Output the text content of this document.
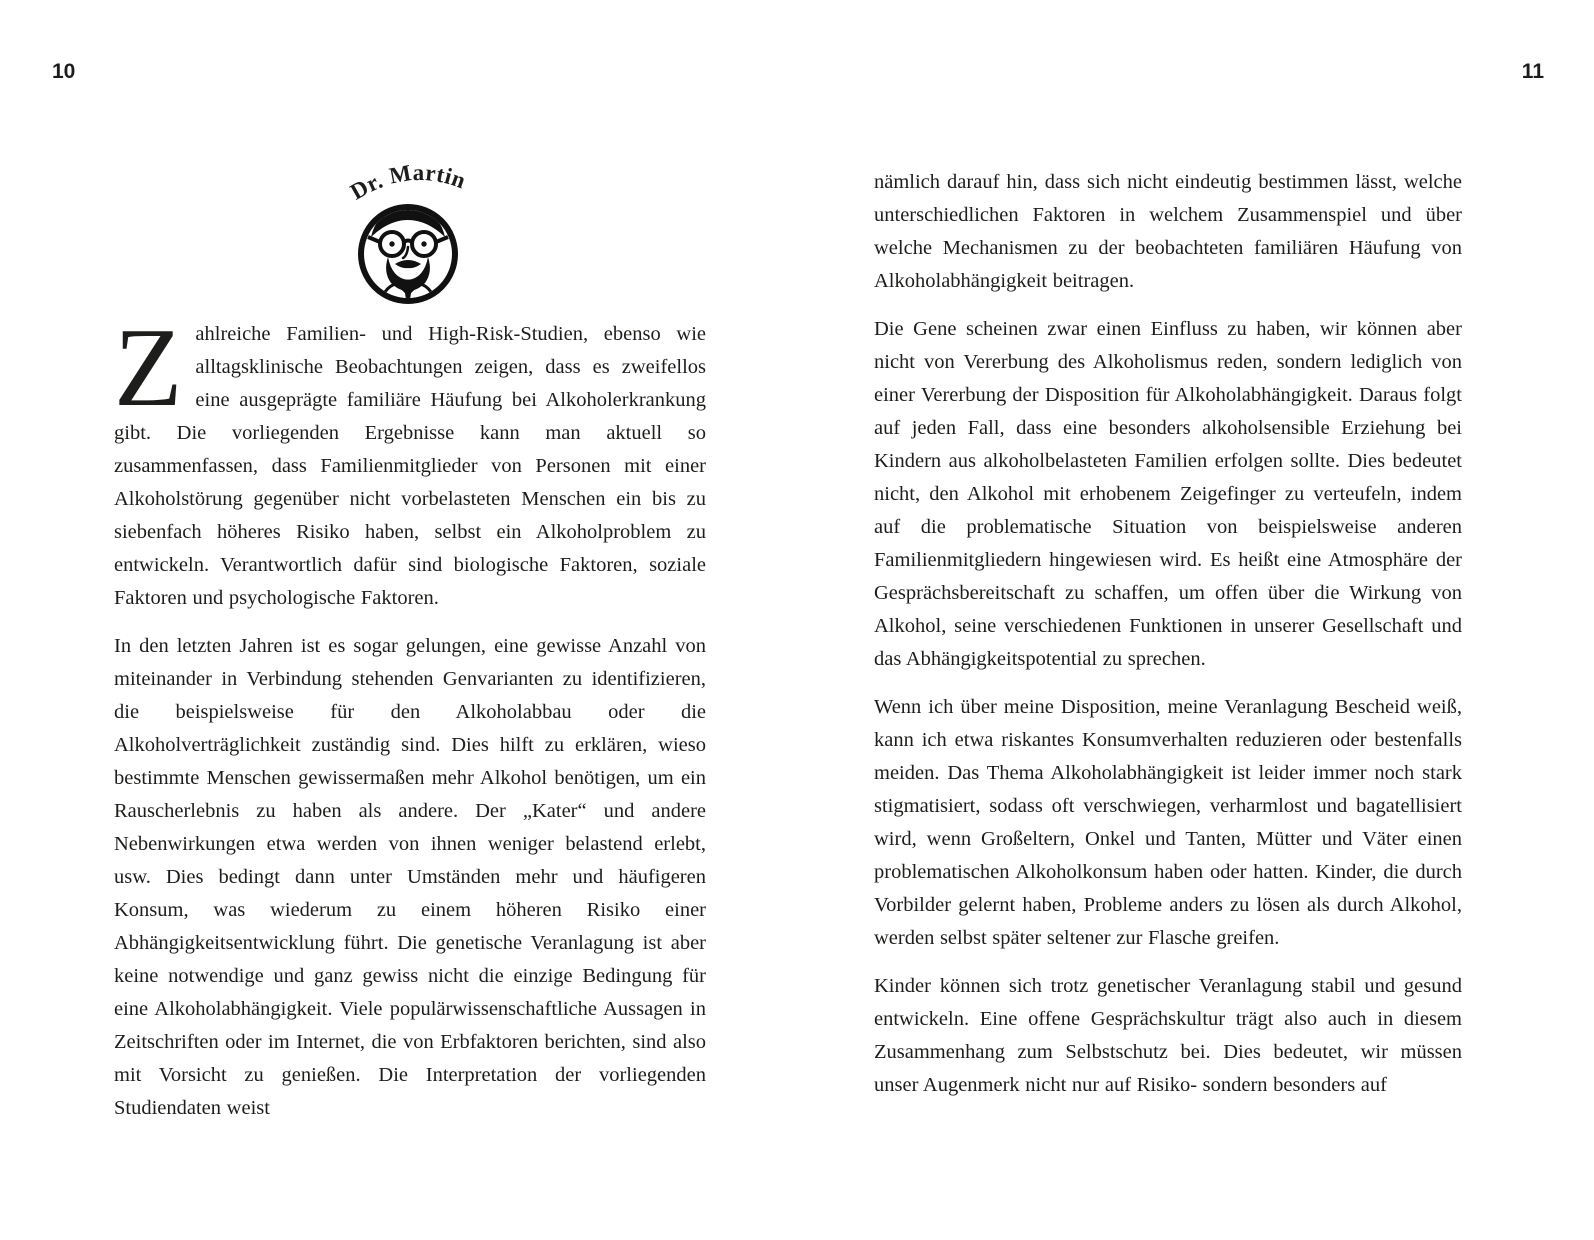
10	11
Dr. Martin

Zahlreiche Familien- und High-Risk-Studien, ebenso wie alltagsklinische Beobachtungen zeigen, dass es zweifellos eine ausgeprägte familiäre Häufung bei Alkoholerkrankung gibt. Die vorliegenden Ergebnisse kann man aktuell so zusammenfassen, dass Familienmitglieder von Personen mit einer Alkoholstörung gegenüber nicht vorbelasteten Menschen ein bis zu siebenfach höheres Risiko haben, selbst ein Alkoholproblem zu entwickeln. Verantwortlich dafür sind biologische Faktoren, soziale Faktoren und psychologische Faktoren.

In den letzten Jahren ist es sogar gelungen, eine gewisse Anzahl von miteinander in Verbindung stehenden Genvarianten zu identifizieren, die beispielsweise für den Alkoholabbau oder die Alkoholverträglichkeit zuständig sind. Dies hilft zu erklären, wieso bestimmte Menschen gewissermaßen mehr Alkohol benötigen, um ein Rauscherlebnis zu haben als andere. Der „Kater“ und andere Nebenwirkungen etwa werden von ihnen weniger belastend erlebt, usw. Dies bedingt dann unter Umständen mehr und häufigeren Konsum, was wiederum zu einem höheren Risiko einer Abhängigkeitsentwicklung führt. Die genetische Veranlagung ist aber keine notwendige und ganz gewiss nicht die einzige Bedingung für eine Alkoholabhängigkeit. Viele populärwissenschaftliche Aussagen in Zeitschriften oder im Internet, die von Erbfaktoren berichten, sind also mit Vorsicht zu genießen. Die Interpretation der vorliegenden Studiendaten weist

nämlich darauf hin, dass sich nicht eindeutig bestimmen lässt, welche unterschiedlichen Faktoren in welchem Zusammenspiel und über welche Mechanismen zu der beobachteten familiären Häufung von Alkoholabhängigkeit beitragen.

Die Gene scheinen zwar einen Einfluss zu haben, wir können aber nicht von Vererbung des Alkoholismus reden, sondern lediglich von einer Vererbung der Disposition für Alkoholabhängigkeit. Daraus folgt auf jeden Fall, dass eine besonders alkoholsensible Erziehung bei Kindern aus alkoholbelasteten Familien erfolgen sollte. Dies bedeutet nicht, den Alkohol mit erhobenem Zeigefinger zu verteufeln, indem auf die problematische Situation von beispielsweise anderen Familienmitgliedern hingewiesen wird. Es heißt eine Atmosphäre der Gesprächsbereitschaft zu schaffen, um offen über die Wirkung von Alkohol, seine verschiedenen Funktionen in unserer Gesellschaft und das Abhängigkeitspotential zu sprechen.

Wenn ich über meine Disposition, meine Veranlagung Bescheid weiß, kann ich etwa riskantes Konsumverhalten reduzieren oder bestenfalls meiden. Das Thema Alkoholabhängigkeit ist leider immer noch stark stigmatisiert, sodass oft verschwiegen, verharmlost und bagatellisiert wird, wenn Großeltern, Onkel und Tanten, Mütter und Väter einen problematischen Alkoholkonsum haben oder hatten. Kinder, die durch Vorbilder gelernt haben, Probleme anders zu lösen als durch Alkohol, werden selbst später seltener zur Flasche greifen.

Kinder können sich trotz genetischer Veranlagung stabil und gesund entwickeln. Eine offene Gesprächskultur trägt also auch in diesem Zusammenhang zum Selbstschutz bei. Dies bedeutet, wir müssen unser Augenmerk nicht nur auf Risiko- sondern besonders auf
